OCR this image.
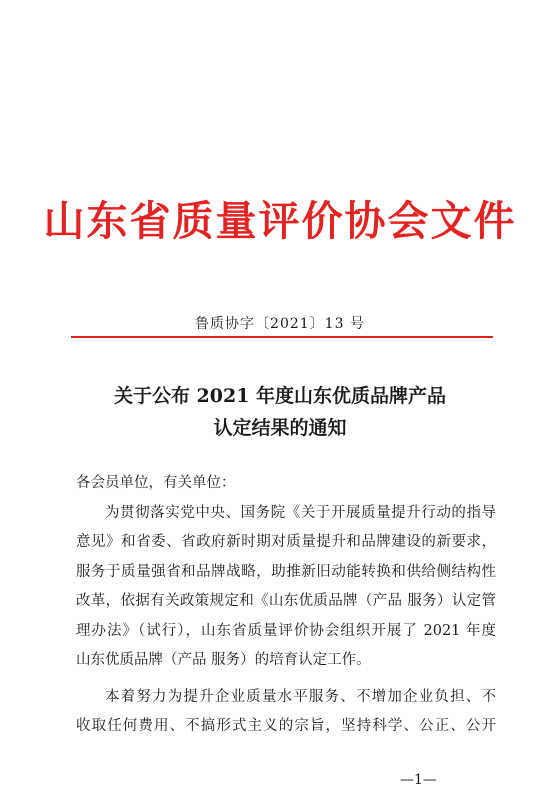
山东省质量评价协会文件
鲁质协字〔2021〕13 号
关于公布 2021 年度山东优质品牌产品
认定结果的通知
各会员单位，有关单位：
为贯彻落实党中央、国务院《关于开展质量提升行动的指导
意见》和省委、省政府新时期对质量提升和品牌建设的新要求，
服务于质量强省和品牌战略，助推新旧动能转换和供给侧结构性
改革，依据有关政策规定和《山东优质品牌（产品 服务）认定管
理办法》（试行），山东省质量评价协会组织开展了 2021 年度
山东优质品牌（产品 服务）的培育认定工作。
本着努力为提升企业质量水平服务、不增加企业负担、不
收取任何费用、不搞形式主义的宗旨，坚持科学、公正、公开
—1—
